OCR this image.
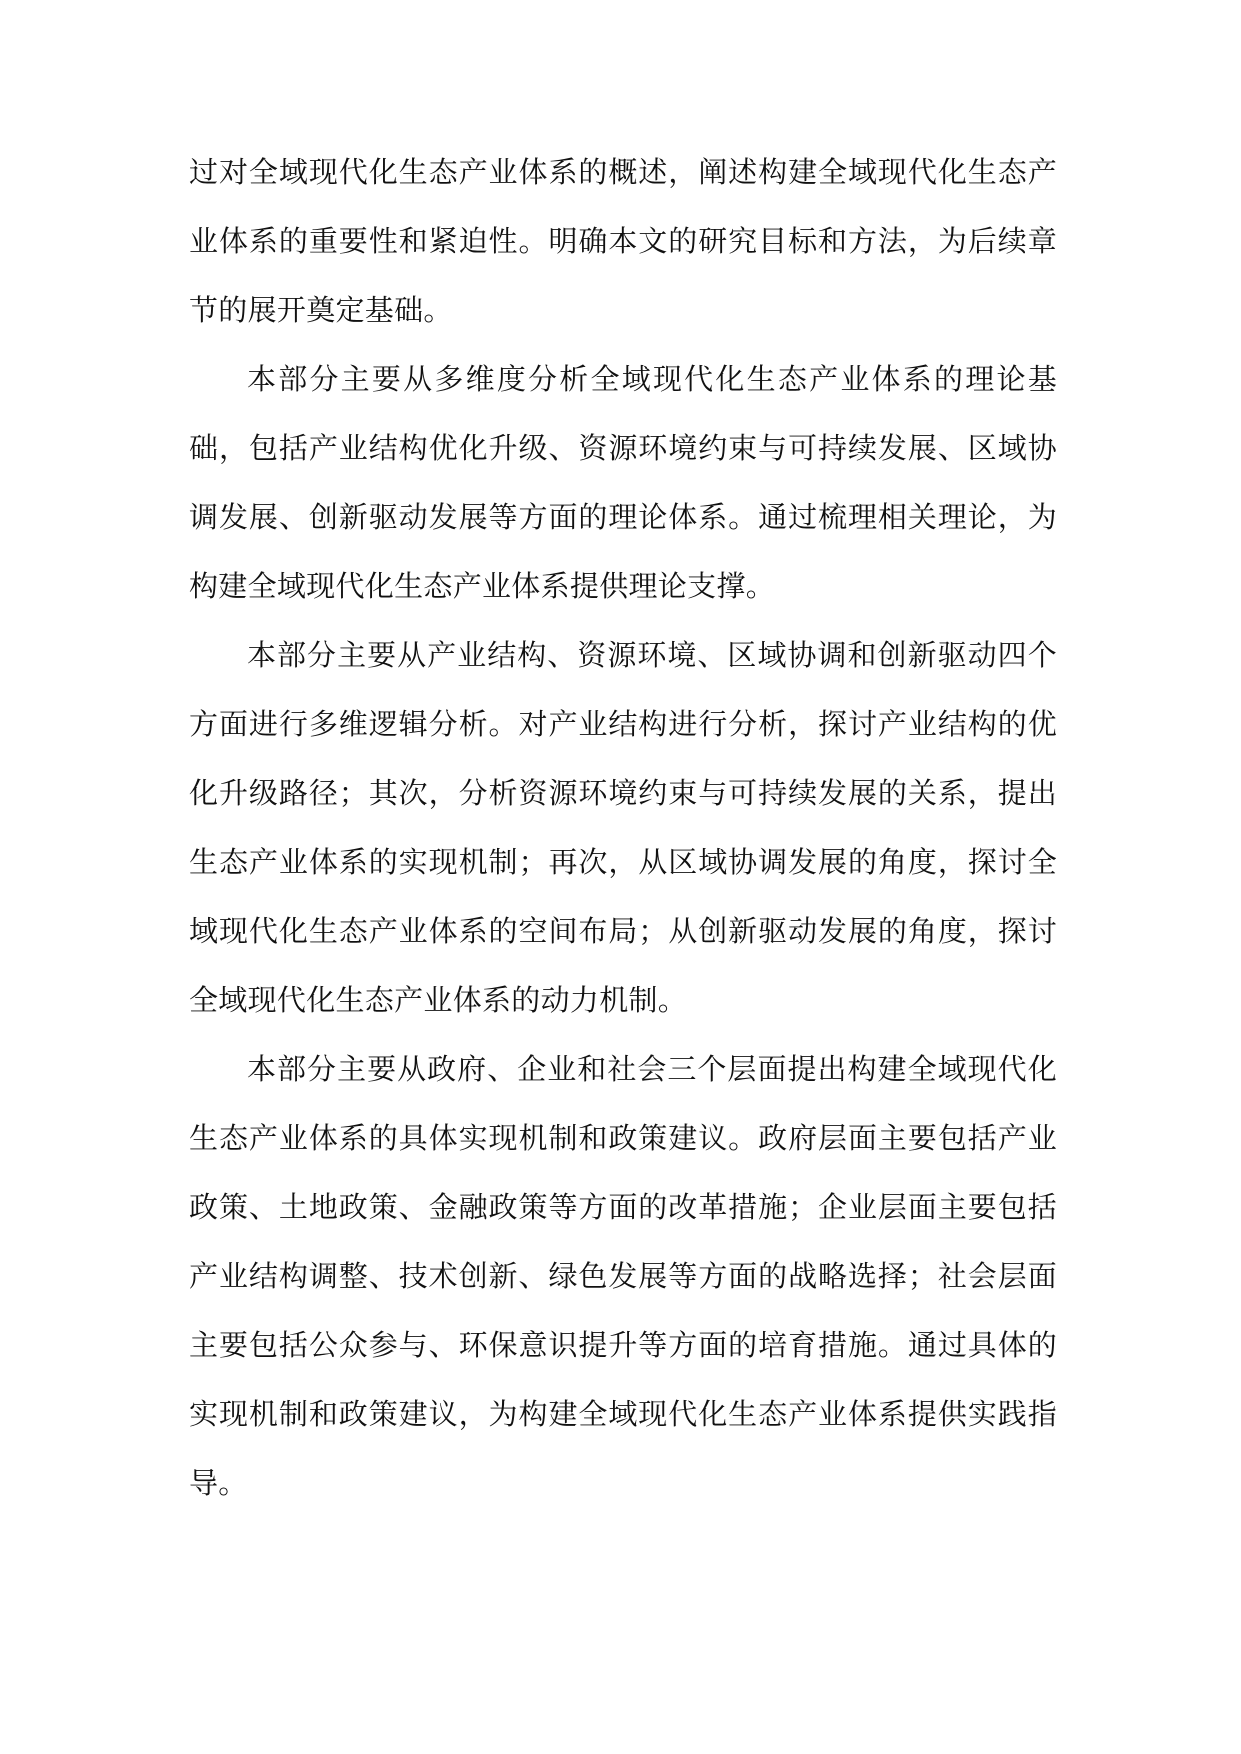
过对全域现代化生态产业体系的概述，阐述构建全域现代化生态产业体系的重要性和紧迫性。明确本文的研究目标和方法，为后续章节的展开奠定基础。

本部分主要从多维度分析全域现代化生态产业体系的理论基础，包括产业结构优化升级、资源环境约束与可持续发展、区域协调发展、创新驱动发展等方面的理论体系。通过梳理相关理论，为构建全域现代化生态产业体系提供理论支撑。

本部分主要从产业结构、资源环境、区域协调和创新驱动四个方面进行多维逻辑分析。对产业结构进行分析，探讨产业结构的优化升级路径；其次，分析资源环境约束与可持续发展的关系，提出生态产业体系的实现机制；再次，从区域协调发展的角度，探讨全域现代化生态产业体系的空间布局；从创新驱动发展的角度，探讨全域现代化生态产业体系的动力机制。

本部分主要从政府、企业和社会三个层面提出构建全域现代化生态产业体系的具体实现机制和政策建议。政府层面主要包括产业政策、土地政策、金融政策等方面的改革措施；企业层面主要包括产业结构调整、技术创新、绿色发展等方面的战略选择；社会层面主要包括公众参与、环保意识提升等方面的培育措施。通过具体的实现机制和政策建议，为构建全域现代化生态产业体系提供实践指导。
